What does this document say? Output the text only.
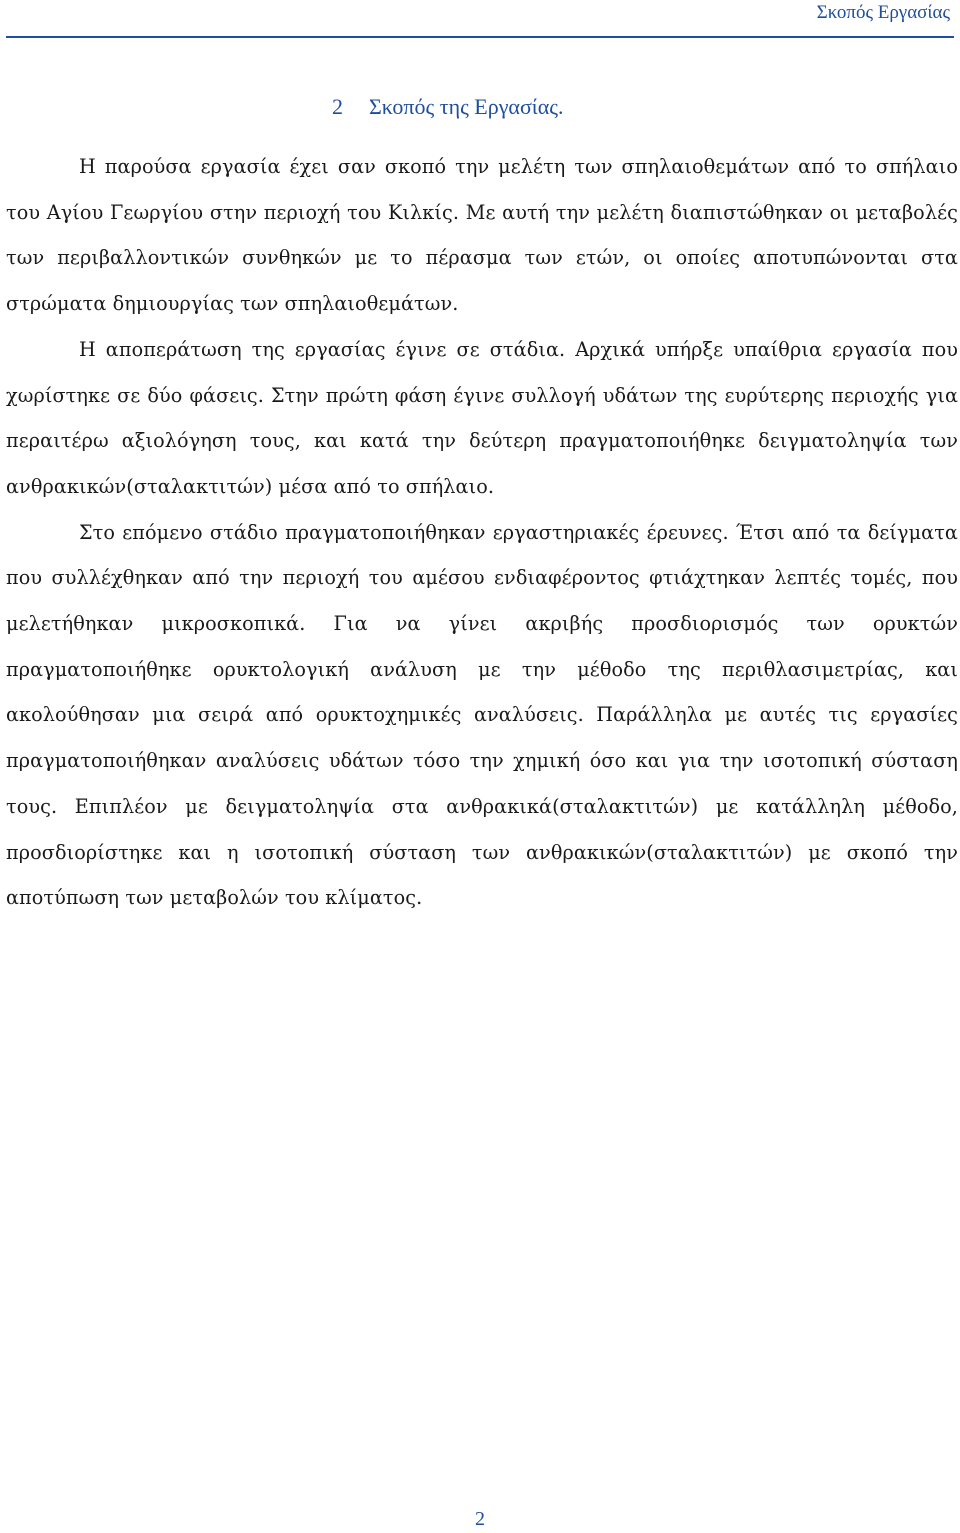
Σκοπός Εργασίας
2 Σκοπός της Εργασίας.

Η παρούσα εργασία έχει σαν σκοπό την μελέτη των σπηλαιοθεμάτων από το σπήλαιο του Αγίου Γεωργίου στην περιοχή του Κιλκίς. Με αυτή την μελέτη διαπιστώθηκαν οι μεταβολές των περιβαλλοντικών συνθηκών με το πέρασμα των ετών, οι οποίες αποτυπώνονται στα στρώματα δημιουργίας των σπηλαιοθεμάτων.

Η αποπεράτωση της εργασίας έγινε σε στάδια. Αρχικά υπήρξε υπαίθρια εργασία που χωρίστηκε σε δύο φάσεις. Στην πρώτη φάση έγινε συλλογή υδάτων της ευρύτερης περιοχής για περαιτέρω αξιολόγηση τους, και κατά την δεύτερη πραγματοποιήθηκε δειγματοληψία των ανθρακικών(σταλακτιτών) μέσα από το σπήλαιο.

Στο επόμενο στάδιο πραγματοποιήθηκαν εργαστηριακές έρευνες. Έτσι από τα δείγματα που συλλέχθηκαν από την περιοχή του αμέσου ενδιαφέροντος φτιάχτηκαν λεπτές τομές, που μελετήθηκαν μικροσκοπικά. Για να γίνει ακριβής προσδιορισμός των ορυκτών πραγματοποιήθηκε ορυκτολογική ανάλυση με την μέθοδο της περιθλασιμετρίας, και ακολούθησαν μια σειρά από ορυκτοχημικές αναλύσεις. Παράλληλα με αυτές τις εργασίες πραγματοποιήθηκαν αναλύσεις υδάτων τόσο την χημική όσο και για την ισοτοπική σύσταση τους. Επιπλέον με δειγματοληψία στα ανθρακικά(σταλακτιτών) με κατάλληλη μέθοδο, προσδιορίστηκε και η ισοτοπική σύσταση των ανθρακικών(σταλακτιτών) με σκοπό την αποτύπωση των μεταβολών του κλίματος.

2
